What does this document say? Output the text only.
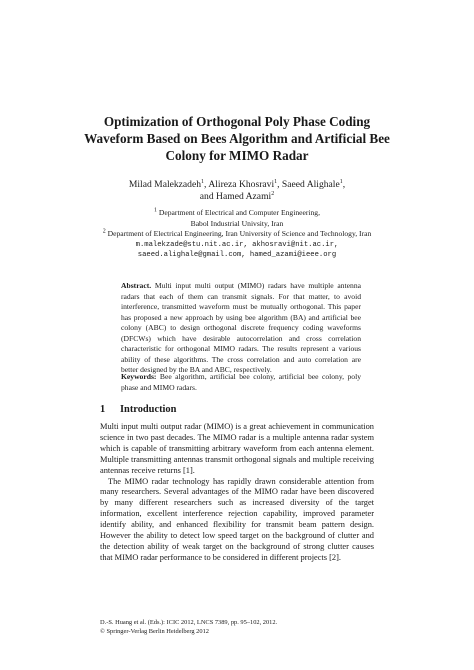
Optimization of Orthogonal Poly Phase Coding
Waveform Based on Bees Algorithm and Artificial Bee
Colony for MIMO Radar
Milad Malekzadeh$^1$, Alireza Khosravi$^1$, Saeed Alighale$^1$,
and Hamed Azami$^2$
$^1$ Department of Electrical and Computer Engineering,
Babol Industrial Univsity, Iran
$^2$ Department of Electrical Engineering, Iran University of Science and Technology, Iran
m.malekzade@stu.nit.ac.ir, akhosravi@nit.ac.ir,
saeed.alighale@gmail.com, hamed_azami@ieee.org
Abstract. Multi input multi output (MIMO) radars have multiple antenna radars that each of them can transmit signals. For that matter, to avoid interference, transmitted waveform must be mutually orthogonal. This paper has proposed a new approach by using bee algorithm (BA) and artificial bee colony (ABC) to design orthogonal discrete frequency coding waveforms (DFCWs) which have desirable autocorrelation and cross correlation characteristic for orthogonal MIMO radars. The results represent a various ability of these algorithms. The cross correlation and auto correlation are better designed by the BA and ABC, respectively.
Keywords: Bee algorithm, artificial bee colony, artificial bee colony, poly phase and MIMO radars.
1 Introduction

Multi input multi output radar (MIMO) is a great achievement in communication science in two past decades. The MIMO radar is a multiple antenna radar system which is capable of transmitting arbitrary waveform from each antenna element. Multiple transmitting antennas transmit orthogonal signals and multiple receiving antennas receive returns [1].

The MIMO radar technology has rapidly drawn considerable attention from many researchers. Several advantages of the MIMO radar have been discovered by many different researchers such as increased diversity of the target information, excellent interference rejection capability, improved parameter identify ability, and enhanced flexibility for transmit beam pattern design. However the ability to detect low speed target on the background of clutter and the detection ability of weak target on the background of strong clutter causes that MIMO radar performance to be considered in different projects [2].

D.-S. Huang et al. (Eds.): ICIC 2012, LNCS 7389, pp. 95–102, 2012.
© Springer-Verlag Berlin Heidelberg 2012
